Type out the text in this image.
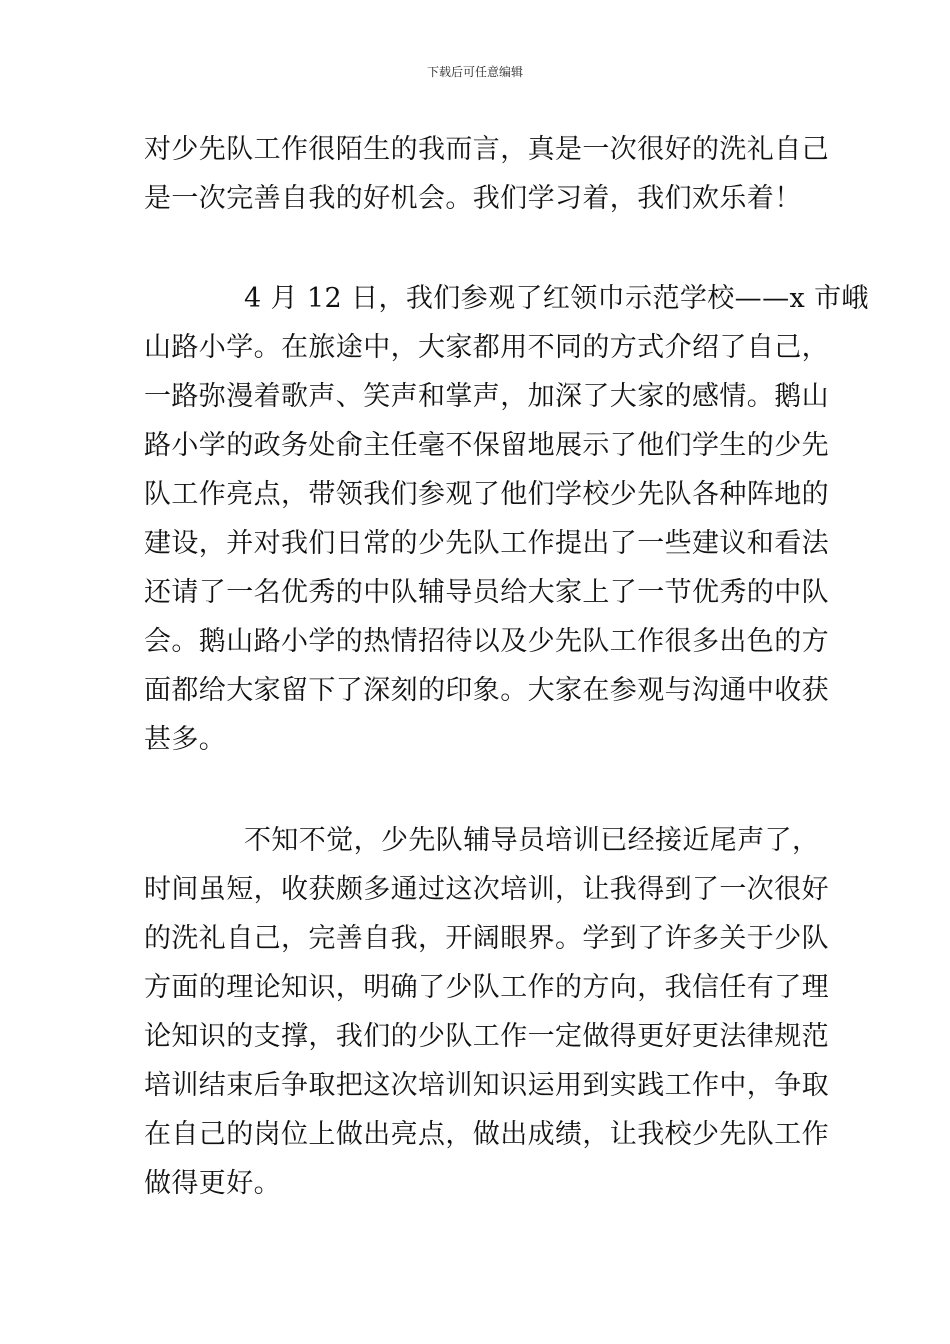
下载后可任意编辑
对少先队工作很陌生的我而言，真是一次很好的洗礼自己
是一次完善自我的好机会。我们学习着，我们欢乐着！
4 月 12 日，我们参观了红领巾示范学校——x 市峨
山路小学。在旅途中，大家都用不同的方式介绍了自己，
一路弥漫着歌声、笑声和掌声，加深了大家的感情。鹅山
路小学的政务处俞主任毫不保留地展示了他们学生的少先
队工作亮点，带领我们参观了他们学校少先队各种阵地的
建设，并对我们日常的少先队工作提出了一些建议和看法
还请了一名优秀的中队辅导员给大家上了一节优秀的中队
会。鹅山路小学的热情招待以及少先队工作很多出色的方
面都给大家留下了深刻的印象。大家在参观与沟通中收获
甚多。
不知不觉，少先队辅导员培训已经接近尾声了，
时间虽短，收获颇多通过这次培训，让我得到了一次很好
的洗礼自己，完善自我，开阔眼界。学到了许多关于少队
方面的理论知识，明确了少队工作的方向，我信任有了理
论知识的支撑，我们的少队工作一定做得更好更法律规范
培训结束后争取把这次培训知识运用到实践工作中，争取
在自己的岗位上做出亮点，做出成绩，让我校少先队工作
做得更好。
